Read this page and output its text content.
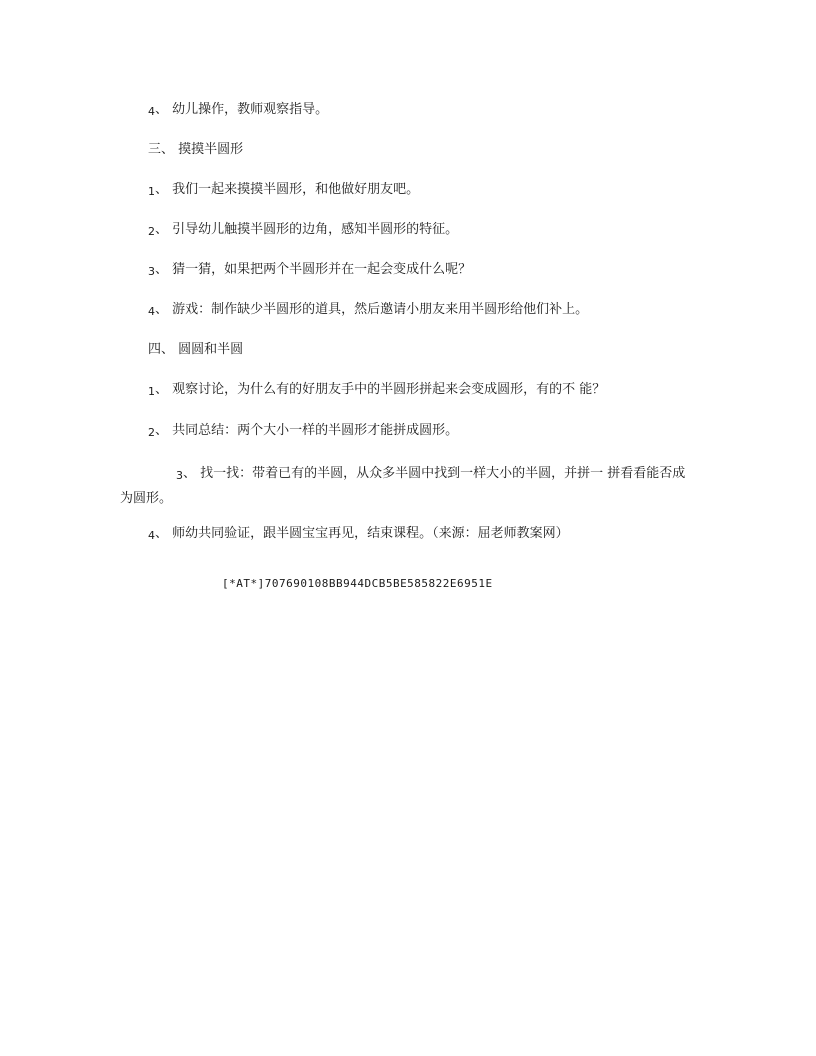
4、 幼儿操作，教师观察指导。
三、 摸摸半圆形
1、 我们一起来摸摸半圆形，和他做好朋友吧。
2、 引导幼儿触摸半圆形的边角，感知半圆形的特征。
3、 猜一猜，如果把两个半圆形并在一起会变成什么呢？
4、 游戏：制作缺少半圆形的道具，然后邀请小朋友来用半圆形给他们补上。
四、 圆圆和半圆
1、 观察讨论，为什么有的好朋友手中的半圆形拼起来会变成圆形，有的不 能？
2、 共同总结：两个大小一样的半圆形才能拼成圆形。
3、 找一找：带着已有的半圆，从众多半圆中找到一样大小的半圆，并拼一 拼看看能否成为圆形。
4、 师幼共同验证，跟半圆宝宝再见，结束课程。（来源：屈老师教案网）
[*AT*]707690108BB944DCB5BE585822E6951E
